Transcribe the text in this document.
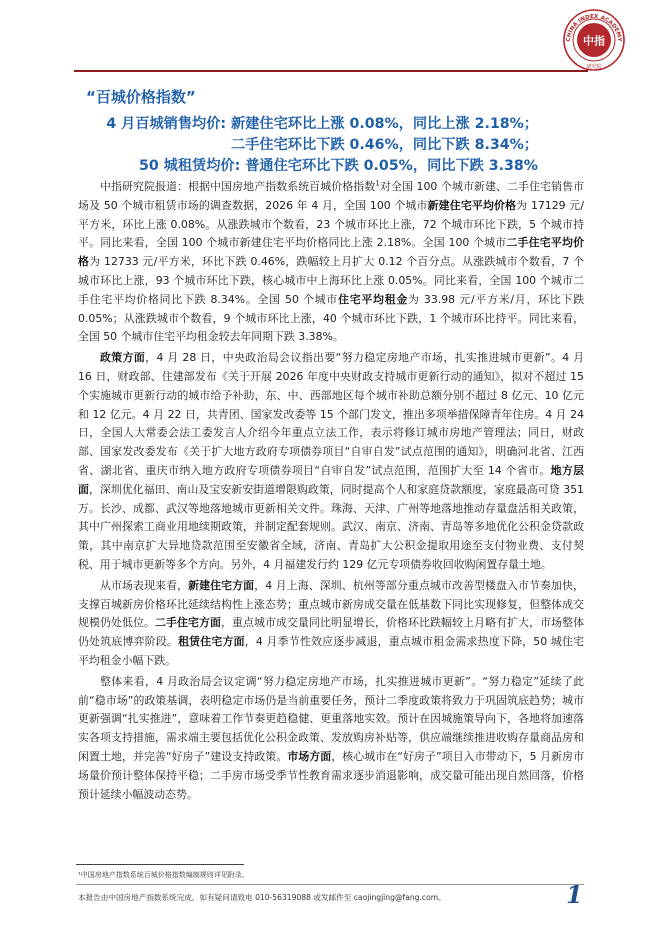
中指
CHINA INDEX ACADEMY
研究院
“百城价格指数”
4 月百城销售均价: 新建住宅环比上涨 0.08%，同比上涨 2.18%；
二手住宅环比下跌 0.46%，同比下跌 8.34%；
50 城租赁均价: 普通住宅环比下跌 0.05%，同比下跌 3.38%

中指研究院报道：根据中国房地产指数系统百城价格指数$^1$对全国 100 个城市新建、二手住宅销售市场及 50 个城市租赁市场的调查数据，2026 年 4 月，全国 100 个城市新建住宅平均价格为 17129 元/平方米，环比上涨 0.08%。从涨跌城市个数看，23 个城市环比上涨，72 个城市环比下跌，5 个城市持平。同比来看，全国 100 个城市新建住宅平均价格同比上涨 2.18%。全国 100 个城市二手住宅平均价格为 12733 元/平方米，环比下跌 0.46%，跌幅较上月扩大 0.12 个百分点。从涨跌城市个数看，7 个城市环比上涨，93 个城市环比下跌，核心城市中上海环比上涨 0.05%。同比来看，全国 100 个城市二手住宅平均价格同比下跌 8.34%。全国 50 个城市住宅平均租金为 33.98 元/平方米/月，环比下跌 0.05%；从涨跌城市个数看，9 个城市环比上涨，40 个城市环比下跌，1 个城市环比持平。同比来看，全国 50 个城市住宅平均租金较去年同期下跌 3.38%。

政策方面，4 月 28 日，中央政治局会议指出要“努力稳定房地产市场，扎实推进城市更新”。4 月 16 日，财政部、住建部发布《关于开展 2026 年度中央财政支持城市更新行动的通知》，拟对不超过 15 个实施城市更新行动的城市给予补助，东、中、西部地区每个城市补助总额分别不超过 8 亿元、10 亿元和 12 亿元。4 月 22 日，共青团、国家发改委等 15 个部门发文，推出多项举措保障青年住房。4 月 24 日，全国人大常委会法工委发言人介绍今年重点立法工作，表示将修订城市房地产管理法；同日，财政部、国家发改委发布《关于扩大地方政府专项债券项目“自审自发”试点范围的通知》，明确河北省、江西省、湖北省、重庆市纳入地方政府专项债券项目“自审自发”试点范围，范围扩大至 14 个省市。地方层面，深圳优化福田、南山及宝安新安街道增限购政策，同时提高个人和家庭贷款额度，家庭最高可贷 351 万。长沙、成都、武汉等地落地城市更新相关文件。珠海、天津、广州等地落地推动存量盘活相关政策，其中广州探索工商业用地续期政策，并制定配套规则。武汉、南京、济南、青岛等多地优化公积金贷款政策，其中南京扩大异地贷款范围至安徽省全域，济南、青岛扩大公积金提取用途至支付物业费、支付契税、用于城市更新等多个方向。另外，4 月福建发行约 129 亿元专项债券收回收购闲置存量土地。

从市场表现来看，新建住宅方面，4 月上海、深圳、杭州等部分重点城市改善型楼盘入市节奏加快，支撑百城新房价格环比延续结构性上涨态势；重点城市新房成交量在低基数下同比实现修复，但整体成交规模仍处低位。二手住宅方面，重点城市成交量同比明显增长，价格环比跌幅较上月略有扩大，市场整体仍处筑底博弈阶段。租赁住宅方面，4 月季节性效应逐步减退，重点城市租金需求热度下降，50 城住宅平均租金小幅下跌。

整体来看，4 月政治局会议定调“努力稳定房地产市场，扎实推进城市更新”。“努力稳定”延续了此前“稳市场”的政策基调，表明稳定市场仍是当前重要任务，预计二季度政策将致力于巩固筑底趋势；城市更新强调“扎实推进”，意味着工作节奏更趋稳健、更重落地实效。预计在因城施策导向下，各地将加速落实各项支持措施，需求端主要包括优化公积金政策、发放购房补贴等，供应端继续推进收购存量商品房和闲置土地，并完善“好房子”建设支持政策。市场方面，核心城市在“好房子”项目入市带动下，5 月新房市场量价预计整体保持平稳；二手房市场受季节性教育需求逐步消退影响，成交量可能出现自然回落，价格预计延续小幅波动态势。

¹中国房地产指数系统百城价格指数编制规则详见附录。
本报告由中国房地产指数系统完成，如有疑问请致电 010-56319088 或发邮件至 caojingjing@fang.com。	1
